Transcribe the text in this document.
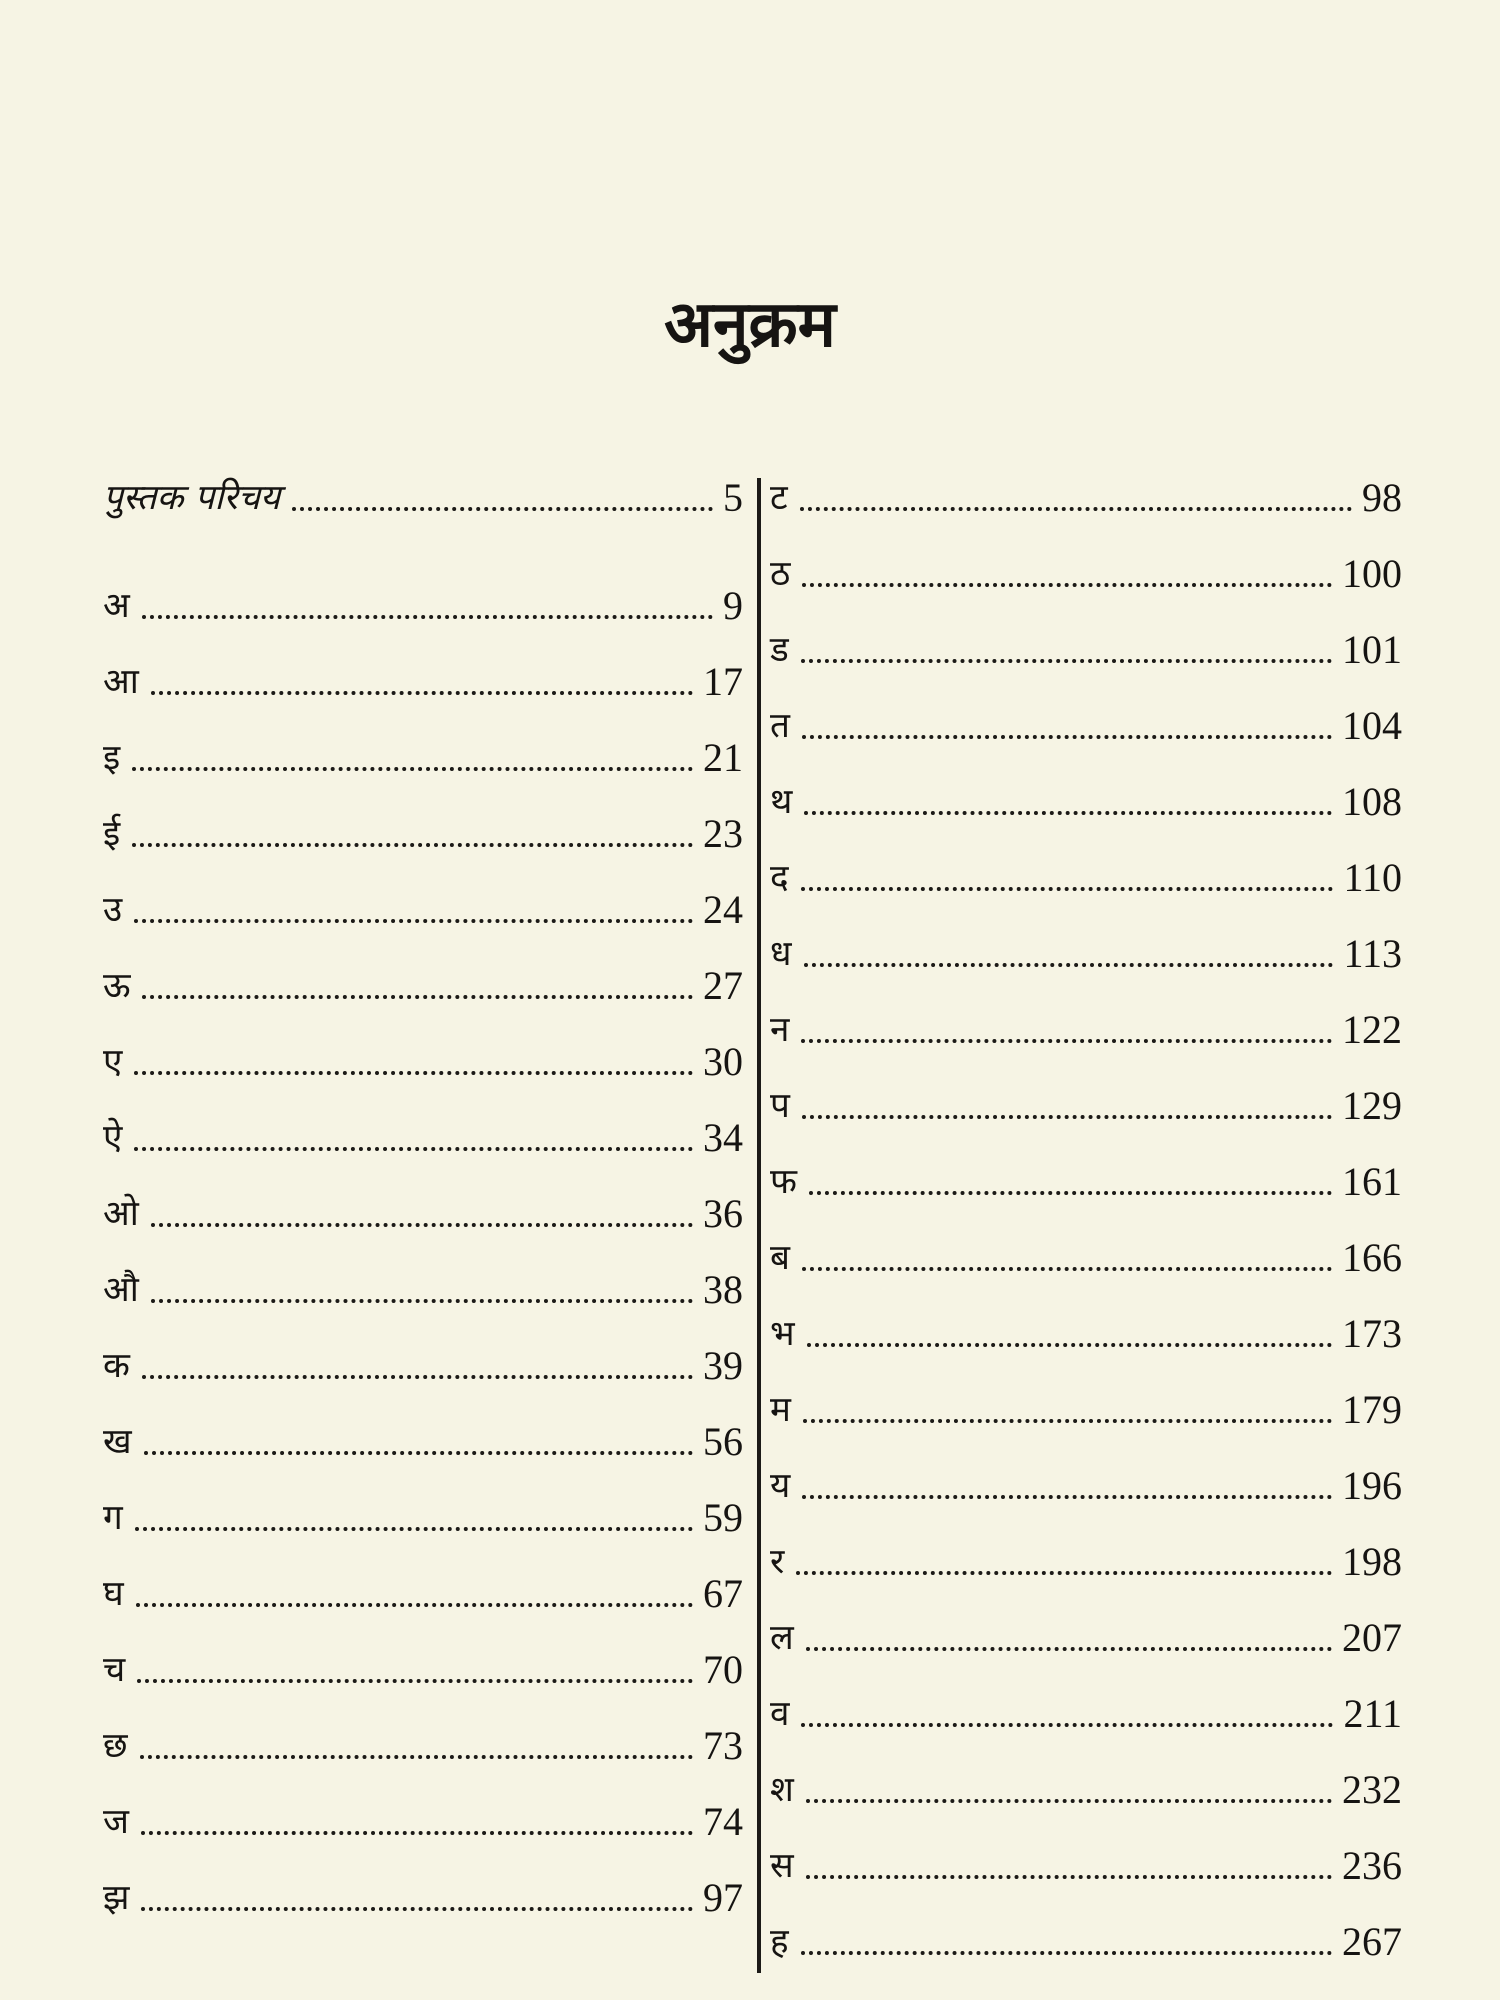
अनुक्रम
पुस्तक परिचय	5
अ	9
आ	17
इ	21
ई	23
उ	24
ऊ	27
ए	30
ऐ	34
ओ	36
औ	38
क	39
ख	56
ग	59
घ	67
च	70
छ	73
ज	74
झ	97
ट	98
ठ	100
ड	101
त	104
थ	108
द	110
ध	113
न	122
प	129
फ	161
ब	166
भ	173
म	179
य	196
र	198
ल	207
व	211
श	232
स	236
ह	267
